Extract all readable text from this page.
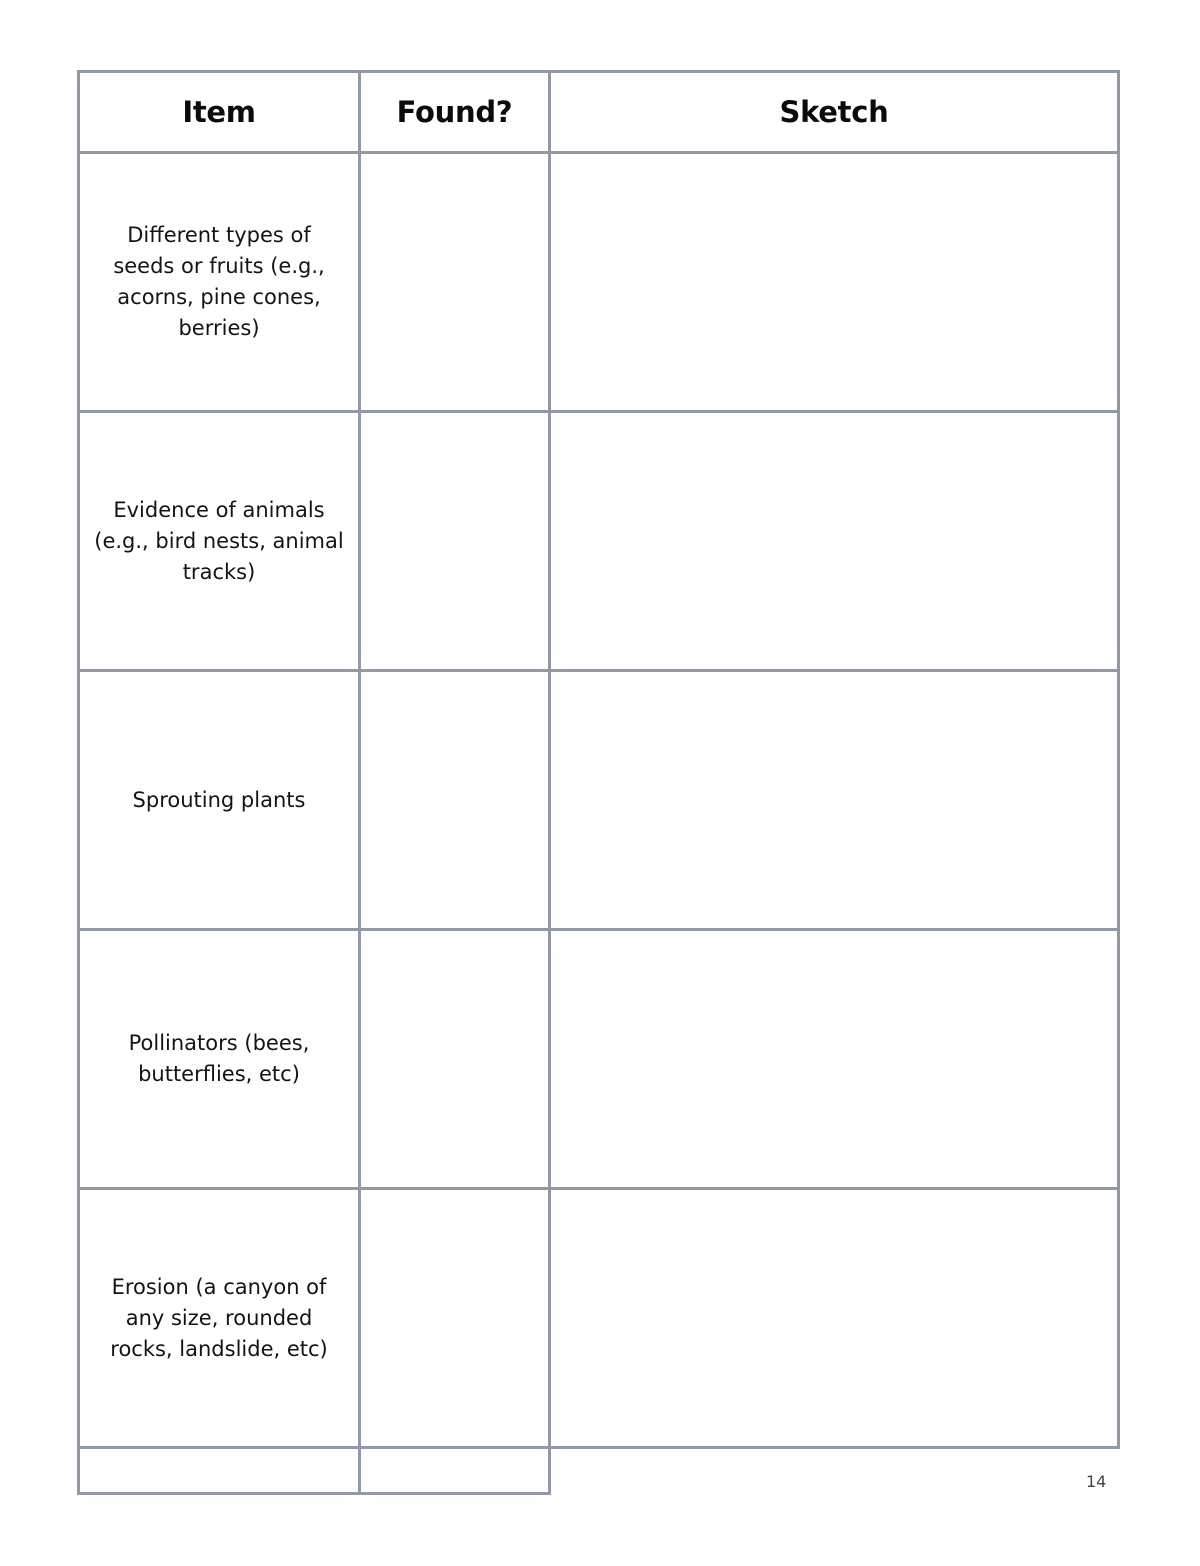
Item	Found?	Sketch
Different types of
seeds or fruits (e.g.,
acorns, pine cones,
berries)
Evidence of animals
(e.g., bird nests, animal
tracks)
Sprouting plants
Pollinators (bees,
butterflies, etc)
Erosion (a canyon of
any size, rounded
rocks, landslide, etc)
14
